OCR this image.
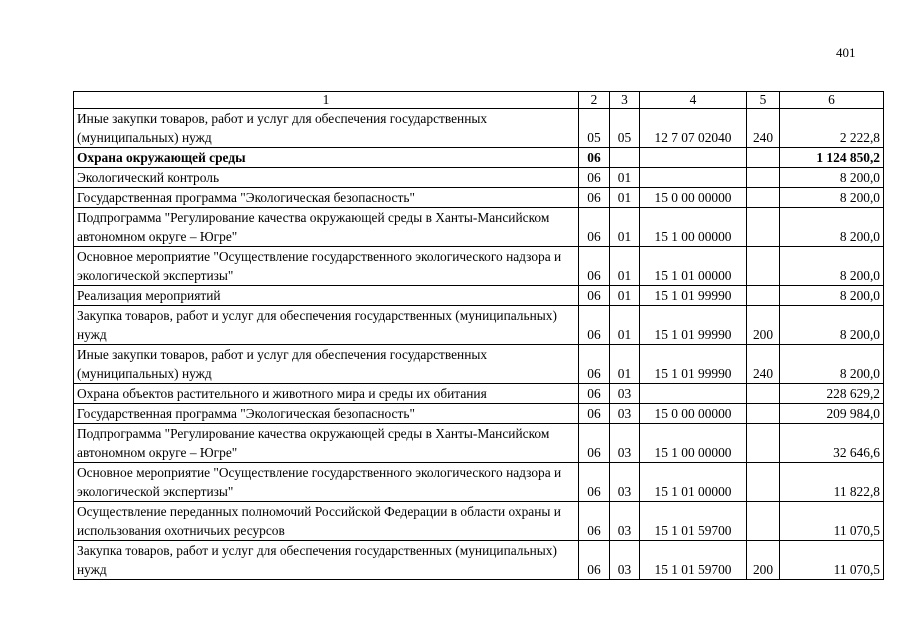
401
1	2	3	4	5	6
Иные закупки товаров, работ и услуг для обеспечения государственных (муниципальных) нужд	05	05	12 7 07 02040	240	2 222,8
Охрана окружающей среды	06				1 124 850,2
Экологический контроль	06	01			8 200,0
Государственная программа "Экологическая безопасность"	06	01	15 0 00 00000		8 200,0
Подпрограмма "Регулирование качества окружающей среды в Ханты-Мансийском автономном округе – Югре"	06	01	15 1 00 00000		8 200,0
Основное мероприятие "Осуществление государственного экологического надзора и экологической экспертизы"	06	01	15 1 01 00000		8 200,0
Реализация мероприятий	06	01	15 1 01 99990		8 200,0
Закупка товаров, работ и услуг для обеспечения государственных (муниципальных) нужд	06	01	15 1 01 99990	200	8 200,0
Иные закупки товаров, работ и услуг для обеспечения государственных (муниципальных) нужд	06	01	15 1 01 99990	240	8 200,0
Охрана объектов растительного и животного мира и среды их обитания	06	03			228 629,2
Государственная программа "Экологическая безопасность"	06	03	15 0 00 00000		209 984,0
Подпрограмма "Регулирование качества окружающей среды в Ханты-Мансийском автономном округе – Югре"	06	03	15 1 00 00000		32 646,6
Основное мероприятие "Осуществление государственного экологического надзора и экологической экспертизы"	06	03	15 1 01 00000		11 822,8
Осуществление переданных полномочий Российской Федерации в области охраны и использования охотничьих ресурсов	06	03	15 1 01 59700		11 070,5
Закупка товаров, работ и услуг для обеспечения государственных (муниципальных) нужд	06	03	15 1 01 59700	200	11 070,5
